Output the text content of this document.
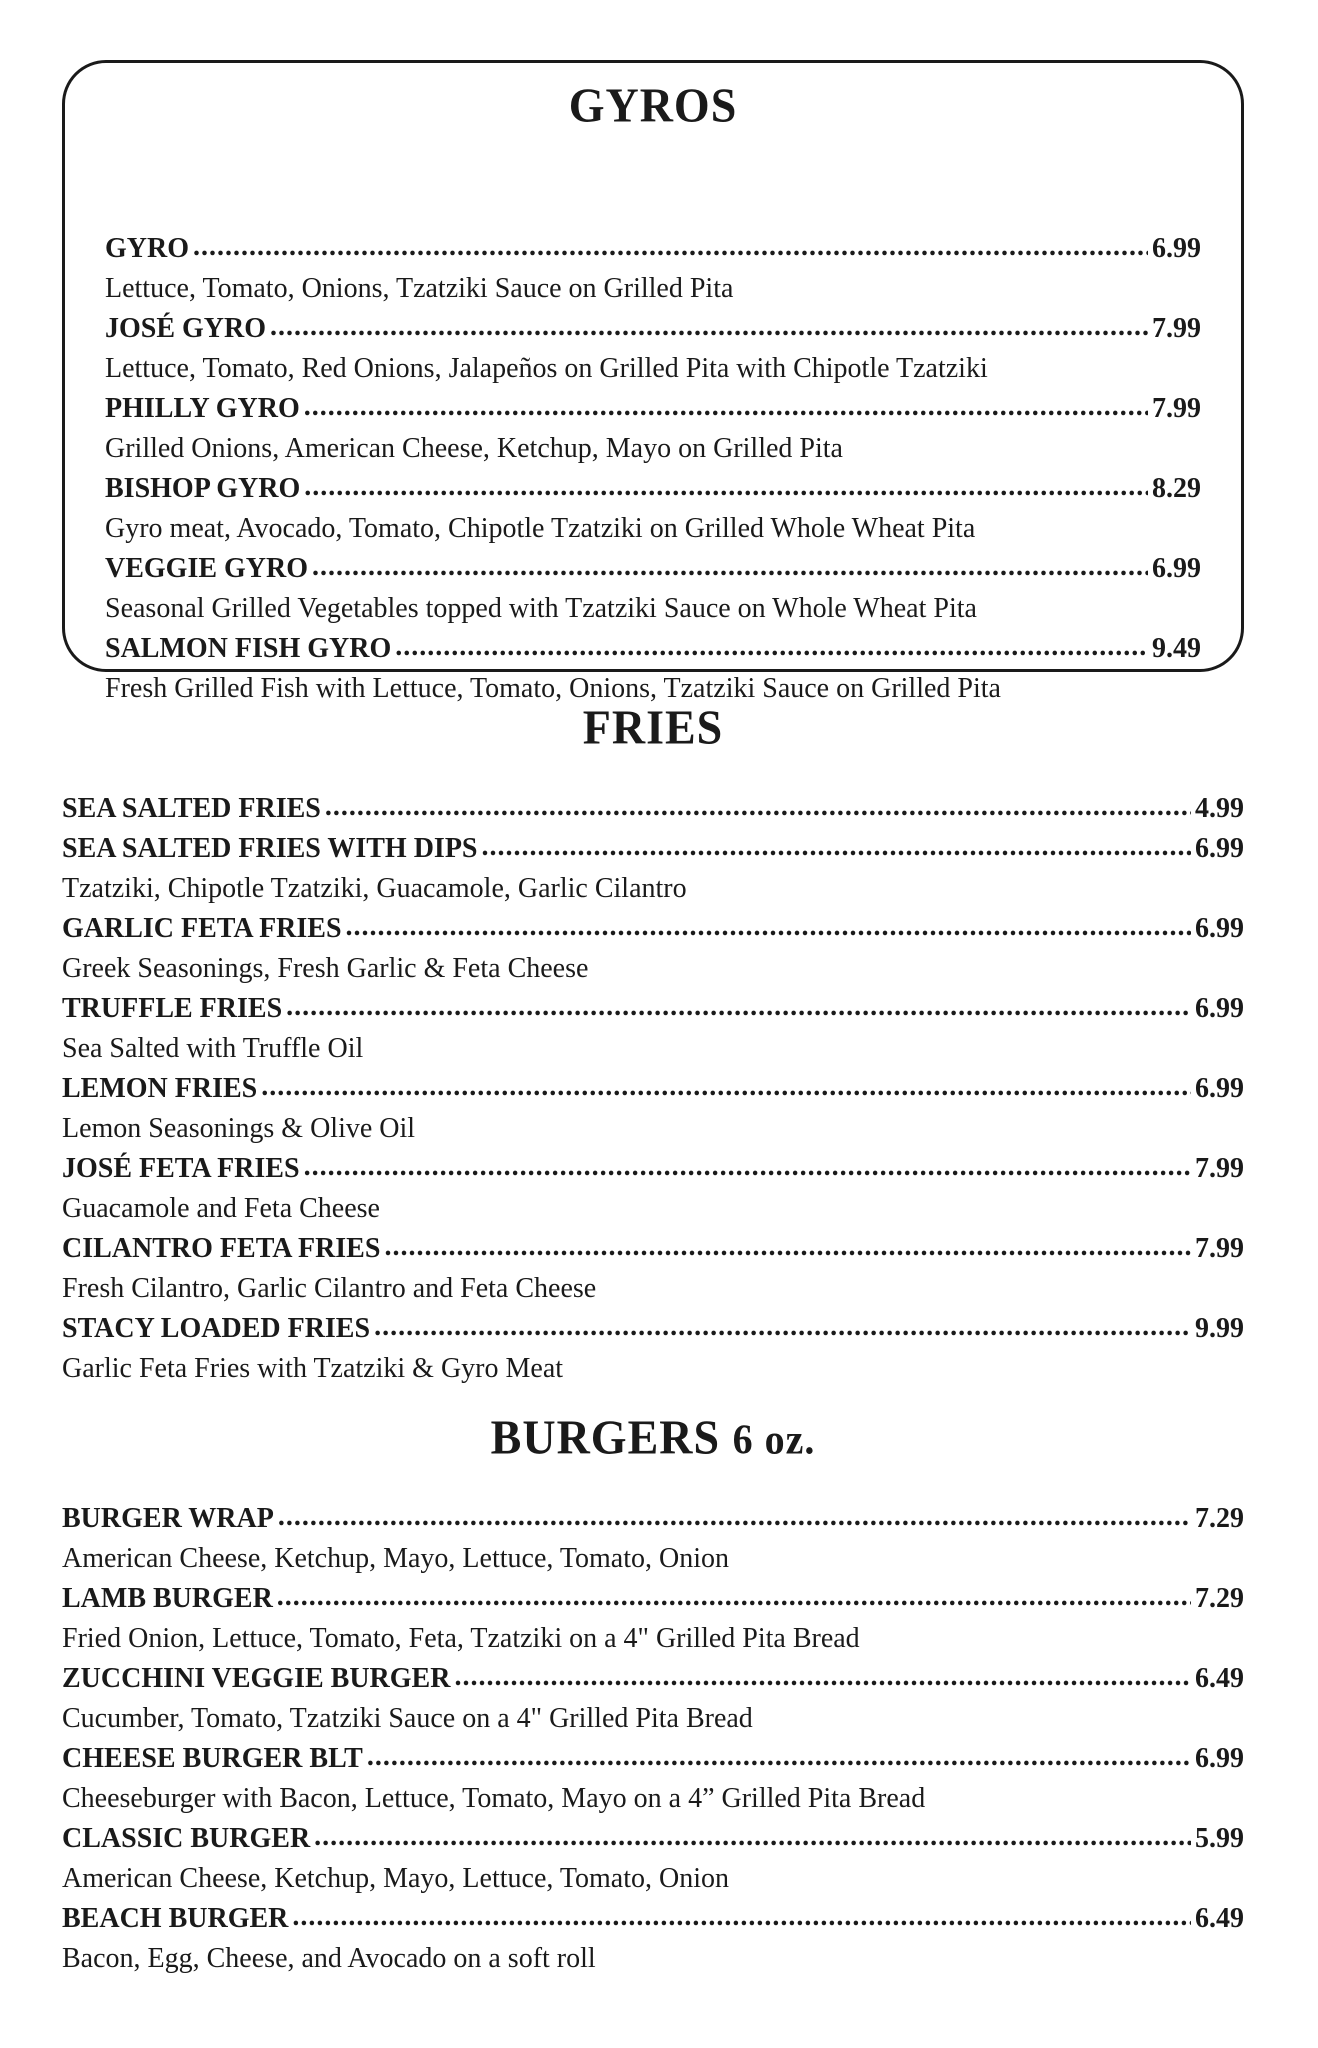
GYROS
GYRO .....	6.99
Lettuce, Tomato, Onions, Tzatziki Sauce on Grilled Pita
JOSÉ GYRO .....	7.99
Lettuce, Tomato, Red Onions, Jalapeños on Grilled Pita with Chipotle Tzatziki
PHILLY GYRO .....	7.99
Grilled Onions, American Cheese, Ketchup, Mayo on Grilled Pita
BISHOP GYRO .....	8.29
Gyro meat, Avocado, Tomato, Chipotle Tzatziki on Grilled Whole Wheat Pita
VEGGIE GYRO .....	6.99
Seasonal Grilled Vegetables topped with Tzatziki Sauce on Whole Wheat Pita
SALMON FISH GYRO .....	9.49
Fresh Grilled Fish with Lettuce, Tomato, Onions, Tzatziki Sauce on Grilled Pita
FRIES
SEA SALTED FRIES .....	4.99
SEA SALTED FRIES WITH DIPS .....	6.99
Tzatziki, Chipotle Tzatziki, Guacamole, Garlic Cilantro
GARLIC FETA FRIES .....	6.99
Greek Seasonings, Fresh Garlic & Feta Cheese
TRUFFLE FRIES .....	6.99
Sea Salted with Truffle Oil
LEMON FRIES .....	6.99
Lemon Seasonings & Olive Oil
JOSÉ FETA FRIES .....	7.99
Guacamole and Feta Cheese
CILANTRO FETA FRIES .....	7.99
Fresh Cilantro, Garlic Cilantro and Feta Cheese
STACY LOADED FRIES .....	9.99
Garlic Feta Fries with Tzatziki & Gyro Meat
BURGERS 6 oz.
BURGER WRAP .....	7.29
American Cheese, Ketchup, Mayo, Lettuce, Tomato, Onion
LAMB BURGER .....	7.29
Fried Onion, Lettuce, Tomato, Feta, Tzatziki on a 4" Grilled Pita Bread
ZUCCHINI VEGGIE BURGER .....	6.49
Cucumber, Tomato, Tzatziki Sauce on a 4" Grilled Pita Bread
CHEESE BURGER BLT .....	6.99
Cheeseburger with Bacon, Lettuce, Tomato, Mayo on a 4” Grilled Pita Bread
CLASSIC BURGER .....	5.99
American Cheese, Ketchup, Mayo, Lettuce, Tomato, Onion
BEACH BURGER .....	6.49
Bacon, Egg, Cheese, and Avocado on a soft roll
